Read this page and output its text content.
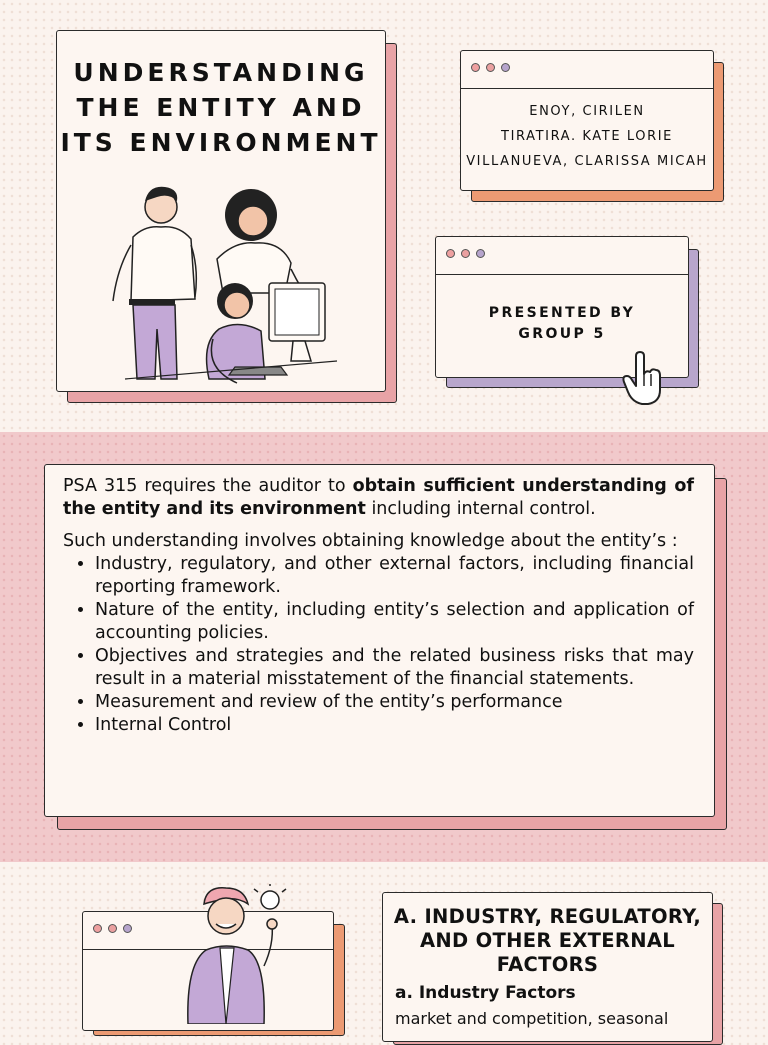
UNDERSTANDING
THE ENTITY AND
ITS ENVIRONMENT
ENOY, CIRILEN
TIRATIRA. KATE LORIE
VILLANUEVA, CLARISSA MICAH
PRESENTED BY
GROUP 5

PSA 315 requires the auditor to obtain sufficient understanding of the entity and its environment including internal control.

Such understanding involves obtaining knowledge about the entity’s :

• Industry, regulatory, and other external factors, including financial reporting framework.
• Nature of the entity, including entity’s selection and application of accounting policies.
• Objectives and strategies and the related business risks that may result in a material misstatement of the financial statements.
• Measurement and review of the entity’s performance
• Internal Control
A. INDUSTRY, REGULATORY, AND OTHER EXTERNAL FACTORS
a. Industry Factors
market and competition, seasonal
